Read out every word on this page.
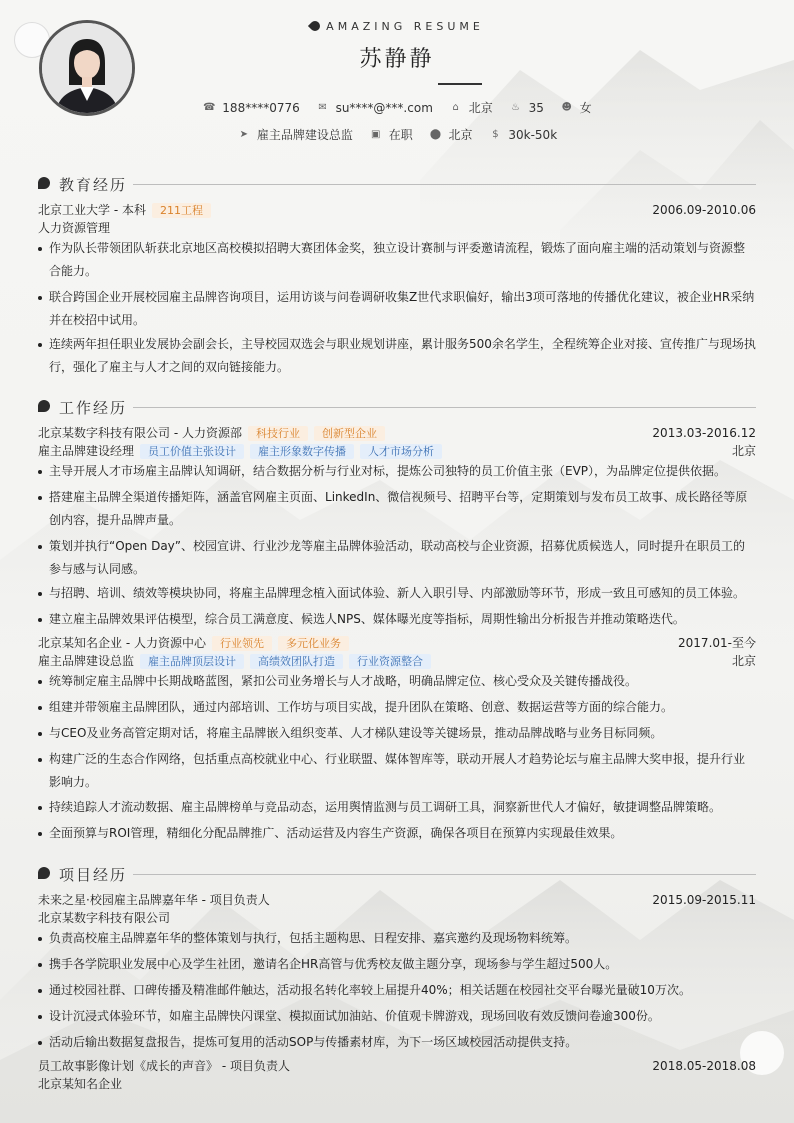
AMAZING RESUME
苏静静
☎ 188****0776
✉ su****@***.com
	⌂ 北京
♨ 35
☻ 女
➤ 雇主品牌建设总监
▣ 在职
⬤ 北京
	$ 30k-50k
教育经历
北京工业大学 - 本科 211工程	2006.09-2010.06
人力资源管理
作为队长带领团队斩获北京地区高校模拟招聘大赛团体金奖，独立设计赛制与评委邀请流程，锻炼了面向雇主端的活动策划与资源整合能力。
联合跨国企业开展校园雇主品牌咨询项目，运用访谈与问卷调研收集Z世代求职偏好，输出3项可落地的传播优化建议，被企业HR采纳并在校招中试用。
连续两年担任职业发展协会副会长，主导校园双选会与职业规划讲座，累计服务500余名学生，全程统筹企业对接、宣传推广与现场执行，强化了雇主与人才之间的双向链接能力。
工作经历
北京某数字科技有限公司 - 人力资源部 科技行业 创新型企业	2013.03-2016.12
雇主品牌建设经理 员工价值主张设计 雇主形象数字传播 人才市场分析	北京
主导开展人才市场雇主品牌认知调研，结合数据分析与行业对标，提炼公司独特的员工价值主张（EVP），为品牌定位提供依据。
搭建雇主品牌全渠道传播矩阵，涵盖官网雇主页面、LinkedIn、微信视频号、招聘平台等，定期策划与发布员工故事、成长路径等原创内容，提升品牌声量。
策划并执行“Open Day”、校园宣讲、行业沙龙等雇主品牌体验活动，联动高校与企业资源，招募优质候选人，同时提升在职员工的参与感与认同感。
与招聘、培训、绩效等模块协同，将雇主品牌理念植入面试体验、新人入职引导、内部激励等环节，形成一致且可感知的员工体验。
建立雇主品牌效果评估模型，综合员工满意度、候选人NPS、媒体曝光度等指标，周期性输出分析报告并推动策略迭代。
北京某知名企业 - 人力资源中心 行业领先 多元化业务	2017.01-至今
雇主品牌建设总监 雇主品牌顶层设计 高绩效团队打造 行业资源整合	北京
统筹制定雇主品牌中长期战略蓝图，紧扣公司业务增长与人才战略，明确品牌定位、核心受众及关键传播战役。
组建并带领雇主品牌团队，通过内部培训、工作坊与项目实战，提升团队在策略、创意、数据运营等方面的综合能力。
与CEO及业务高管定期对话，将雇主品牌嵌入组织变革、人才梯队建设等关键场景，推动品牌战略与业务目标同频。
构建广泛的生态合作网络，包括重点高校就业中心、行业联盟、媒体智库等，联动开展人才趋势论坛与雇主品牌大奖申报，提升行业影响力。
持续追踪人才流动数据、雇主品牌榜单与竞品动态，运用舆情监测与员工调研工具，洞察新世代人才偏好，敏捷调整品牌策略。
全面预算与ROI管理，精细化分配品牌推广、活动运营及内容生产资源，确保各项目在预算内实现最佳效果。
项目经历
未来之星·校园雇主品牌嘉年华 - 项目负责人	2015.09-2015.11
北京某数字科技有限公司
负责高校雇主品牌嘉年华的整体策划与执行，包括主题构思、日程安排、嘉宾邀约及现场物料统筹。
携手各学院职业发展中心及学生社团，邀请名企HR高管与优秀校友做主题分享，现场参与学生超过500人。
通过校园社群、口碑传播及精准邮件触达，活动报名转化率较上届提升40%；相关话题在校园社交平台曝光量破10万次。
设计沉浸式体验环节，如雇主品牌快闪课堂、模拟面试加油站、价值观卡牌游戏，现场回收有效反馈问卷逾300份。
活动后输出数据复盘报告，提炼可复用的活动SOP与传播素材库，为下一场区域校园活动提供支持。
员工故事影像计划《成长的声音》 - 项目负责人	2018.05-2018.08
北京某知名企业
